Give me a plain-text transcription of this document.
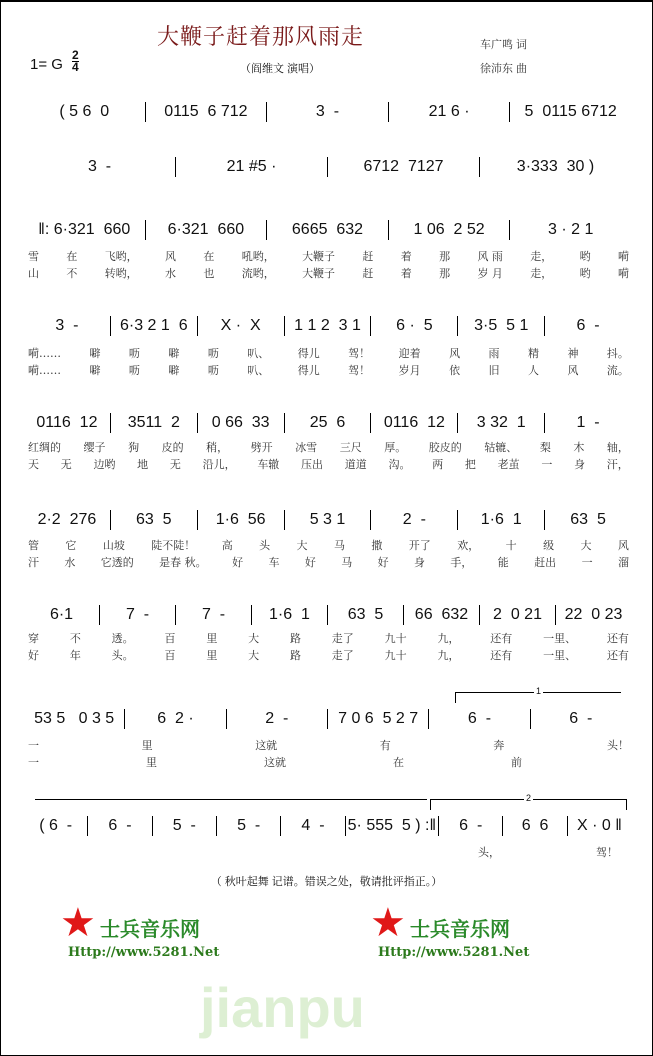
大鞭子赶着那风雨走
1= G $\frac{2}{4}$	（阎维文 演唱）
车广鸣 词
徐沛东 曲
( 5 6  0	0115  6 712	3  -	21 6 ·	5  0115 6712
3  -	21 #5 ·	6712  7127	3·333  30 )
‖: 6·321  660	6·321  660	6665  632	1 06  2 52	3 · 2 1
雪 在 飞哟， 风 在 吼哟， 大鞭子 赶 着 那 风 雨 走， 哟 嗬
山 不 转哟， 水 也 流哟， 大鞭子 赶 着 那 岁 月 走， 哟 嗬
3  -	6·3 2 1  6	X ·  X	1 1 2  3 1	6 ·  5	3·5  5 1	6  -
嗬……	噼	呖	噼	呖	叭、	得儿	驾！	迎着	风	雨	精	神	抖。
嗬……	噼	呖	噼	呖	叭、	得儿	驾！	岁月	依	旧	人	风	流。
0116  12	3511  2	0 66  33	25  6	0116  12	3 32  1	1  -
红绸的 缨子 狗 皮的 稍， 劈开 冰雪 三尺 厚。 胶皮的 轱辘、 梨 木 轴，
天 无 边哟 地 无 沿儿， 车辙 压出 道道 沟。 两 把 老茧 一 身 汗，
2·2  276	63  5	1·6  56	5 3 1	2  -	1·6  1	63  5
管 它 山坡 陡不陡！ 高 头 大 马 撒 开了 欢， 十 级 大 风
汗 水 它透的 是春 秋。 好 车 好 马 好 身 手， 能 赶出 一 溜
6·1	7  -	7  -	1·6  1	63  5	66  632	2  0 21	22  0 23
穿	不	透。	百	里	大	路	走了	九十	九，	还有	一里、	还有
好	年	头。	百	里	大	路	走了	九十	九，	还有	一里、	还有
53 5   0 3 5	6  2 ·	2  -	7 0 6  5 2 7	6  -	6  -
一	里	这就	有	奔	头！
一	里	这就	在	前
( 6  -	6  -	5  -	5  -	4  -	5· 555  5 ) :‖	6  -	6  6	X · 0 ‖
头，	驾！
1
2
（ 秋叶起舞 记谱。错误之处，敬请批评指正。）
jianpu
★ 士兵音乐网
Http://www.5281.Net
★ 士兵音乐网
Http://www.5281.Net
